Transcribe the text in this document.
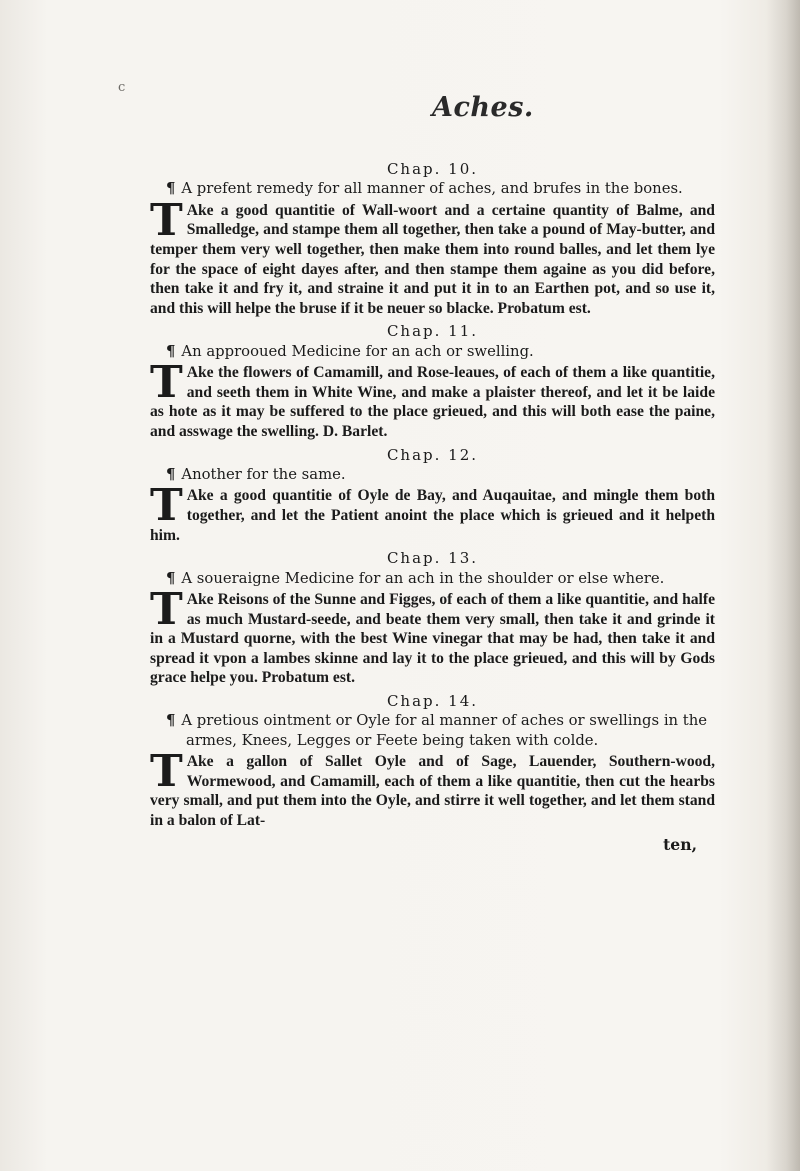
c
Aches.

Chap. 10.

¶ A prefent remedy for all manner of aches, and brufes in the bones.

T Ake a good quantitie of Wall-woort and a certaine quantity of Balme, and Smalledge, and stampe them all together, then take a pound of May-butter, and temper them very well together, then make them into round balles, and let them lye for the space of eight dayes after, and then stampe them againe as you did before, then take it and fry it, and straine it and put it in to an Earthen pot, and so use it, and this will helpe the bruse if it be neuer so blacke. Probatum est.

Chap. 11.

¶ An approoued Medicine for an ach or swelling.

T Ake the flowers of Camamill, and Rose-leaues, of each of them a like quantitie, and seeth them in White Wine, and make a plaister thereof, and let it be laide as hote as it may be suffered to the place grieued, and this will both ease the paine, and asswage the swelling. D. Barlet.

Chap. 12.

¶ Another for the same.

T Ake a good quantitie of Oyle de Bay, and Auqauitae, and mingle them both together, and let the Patient anoint the place which is grieued and it helpeth him.

Chap. 13.

¶ A soueraigne Medicine for an ach in the shoulder or else where.

T Ake Reisons of the Sunne and Figges, of each of them a like quantitie, and halfe as much Mustard-seede, and beate them very small, then take it and grinde it in a Mustard quorne, with the best Wine vinegar that may be had, then take it and spread it vpon a lambes skinne and lay it to the place grieued, and this will by Gods grace helpe you. Probatum est.

Chap. 14.

¶ A pretious ointment or Oyle for al manner of aches or swellings in the armes, Knees, Legges or Feete being taken with colde.

T Ake a gallon of Sallet Oyle and of Sage, Lauender, Southern-wood, Wormewood, and Camamill, each of them a like quantitie, then cut the hearbs very small, and put them into the Oyle, and stirre it well together, and let them stand in a balon of Lat-

ten,
